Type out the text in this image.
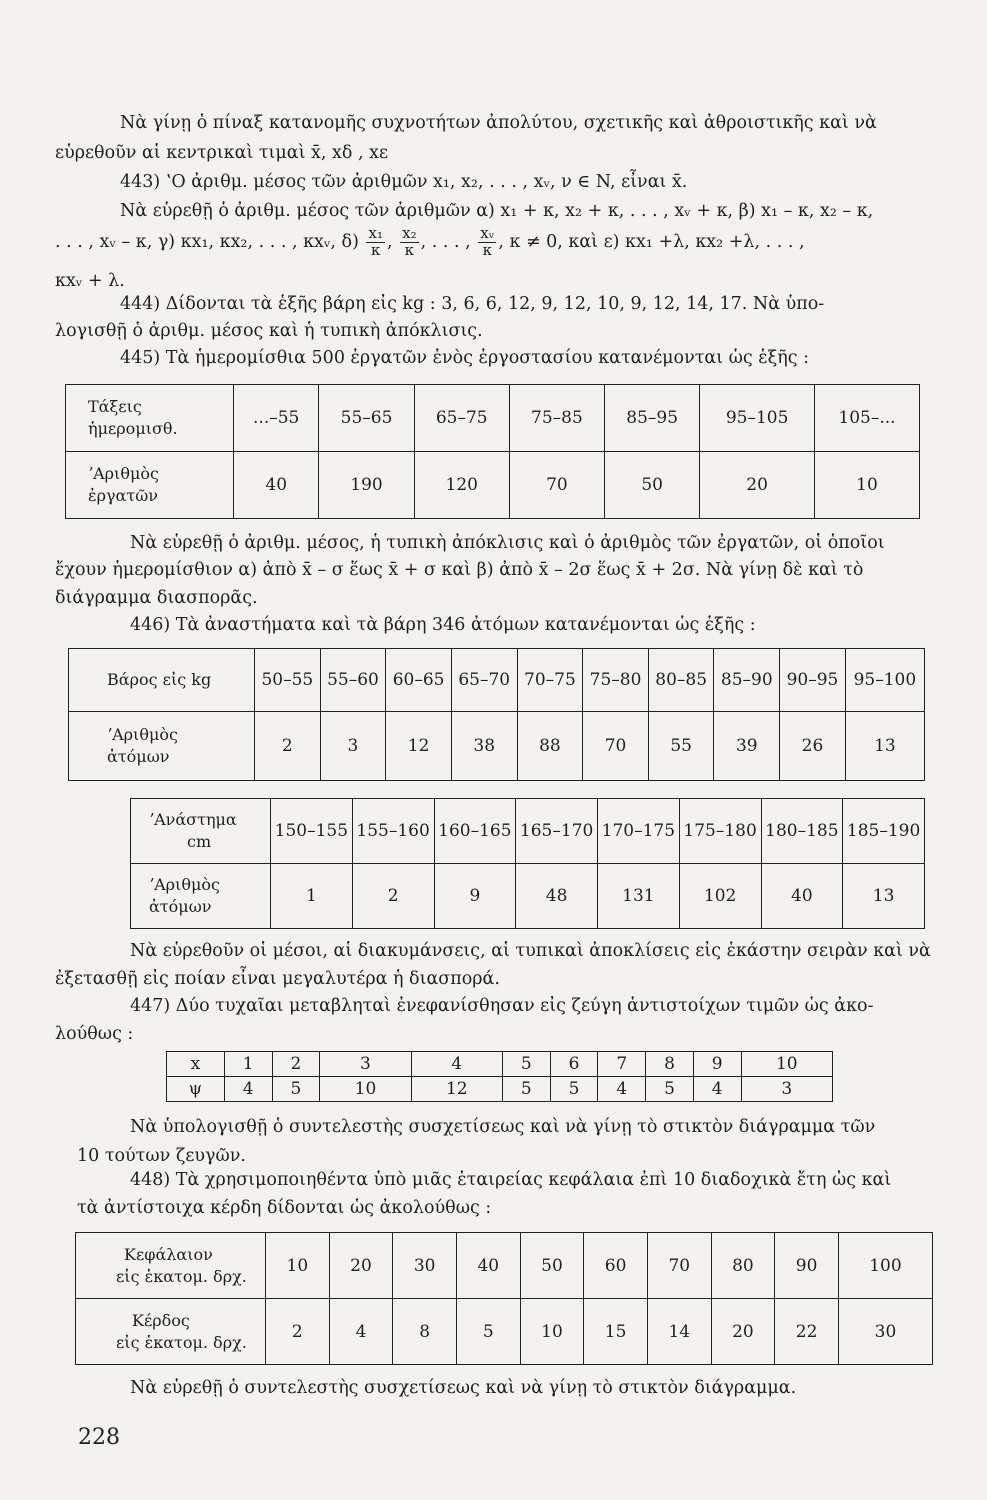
Νὰ γίνῃ ὁ πίναξ κατανομῆς συχνοτήτων ἀπολύτου, σχετικῆς καὶ ἀθροιστικῆς καὶ νὰ
εὑρεθοῦν αἱ κεντρικαὶ τιμαὶ x̄, xδ , xε
443) ʽΟ ἀριθμ. μέσος τῶν ἀριθμῶν x₁, x₂, . . . , xᵥ, ν ∈ N, εἶναι x̄.
Νὰ εὑρεθῇ ὁ ἀριθμ. μέσος τῶν ἀριθμῶν α) x₁ + κ, x₂ + κ, . . . , xᵥ + κ, β) x₁ – κ, x₂ – κ,
. . . , xᵥ – κ, γ) κx₁, κx₂, . . . , κxᵥ, $\delta) \frac{\text{x₁}}{\kappa}$ , $\frac{\text{x₂}}{\kappa}$ , . . . , $\frac{\text{xᵥ}}{\kappa}$ , κ ≠ 0, καὶ ε) κx₁ +λ, κx₂ +λ, . . . ,
κxᵥ + λ.
444) Δίδονται τὰ ἑξῆς βάρη εἰς kg : 3, 6, 6, 12, 9, 12, 10, 9, 12, 14, 17. Νὰ ὑπο-
λογισθῇ ὁ ἀριθμ. μέσος καὶ ἡ τυπικὴ ἀπόκλισις.
445) Τὰ ἡμερομίσθια 500 ἐργατῶν ἑνὸς ἐργοστασίου κατανέμονται ὡς ἑξῆς :
Τάξεις
ἡμερομισθ.	...–55	55–65	65–75	75–85	85–95	95–105	105–...
ʼΑριθμὸς
ἐργατῶν	40	190	120	70	50	20	10
Νὰ εὑρεθῇ ὁ ἀριθμ. μέσος, ἡ τυπικὴ ἀπόκλισις καὶ ὁ ἀριθμὸς τῶν ἐργατῶν, οἱ ὁποῖοι
ἔχουν ἡμερομίσθιον α) ἀπὸ x̄ – σ ἕως x̄ + σ καὶ β) ἀπὸ x̄ – 2σ ἕως x̄ + 2σ. Νὰ γίνῃ δὲ καὶ τὸ
διάγραμμα διασπορᾶς.
446) Τὰ ἀναστήματα καὶ τὰ βάρη 346 ἀτόμων κατανέμονται ὡς ἑξῆς :
Βάρος εἰς kg	50–55	55–60	60–65	65–70	70–75	75–80	80–85	85–90	90–95	95–100
ʼΑριθμὸς
ἀτόμων	2	3	12	38	88	70	55	39	26	13
ʼΑνάστημα
cm	150–155	155–160	160–165	165–170	170–175	175–180	180–185	185–190
ʼΑριθμὸς
ἀτόμων	1	2	9	48	131	102	40	13
Νὰ εὑρεθοῦν οἱ μέσοι, αἱ διακυμάνσεις, αἱ τυπικαὶ ἀποκλίσεις εἰς ἑκάστην σειρὰν καὶ νὰ
ἐξετασθῇ εἰς ποίαν εἶναι μεγαλυτέρα ἡ διασπορά.
447) Δύο τυχαῖαι μεταβληταὶ ἐνεφανίσθησαν εἰς ζεύγη ἀντιστοίχων τιμῶν ὡς ἀκο-
λούθως :
x	1	2	3	4	5	6	7	8	9	10
ψ	4	5	10	12	5	5	4	5	4	3
Νὰ ὑπολογισθῇ ὁ συντελεστὴς συσχετίσεως καὶ νὰ γίνῃ τὸ στικτὸν διάγραμμα τῶν
10 τούτων ζευγῶν.
448) Τὰ χρησιμοποιηθέντα ὑπὸ μιᾶς ἑταιρείας κεφάλαια ἐπὶ 10 διαδοχικὰ ἔτη ὡς καὶ
τὰ ἀντίστοιχα κέρδη δίδονται ὡς ἀκολούθως :
Κεφάλαιον
εἰς ἑκατομ. δρχ.	10	20	30	40	50	60	70	80	90	100
Κέρδος
εἰς ἑκατομ. δρχ.	2	4	8	5	10	15	14	20	22	30
Νὰ εὑρεθῇ ὁ συντελεστὴς συσχετίσεως καὶ νὰ γίνῃ τὸ στικτὸν διάγραμμα.
228
